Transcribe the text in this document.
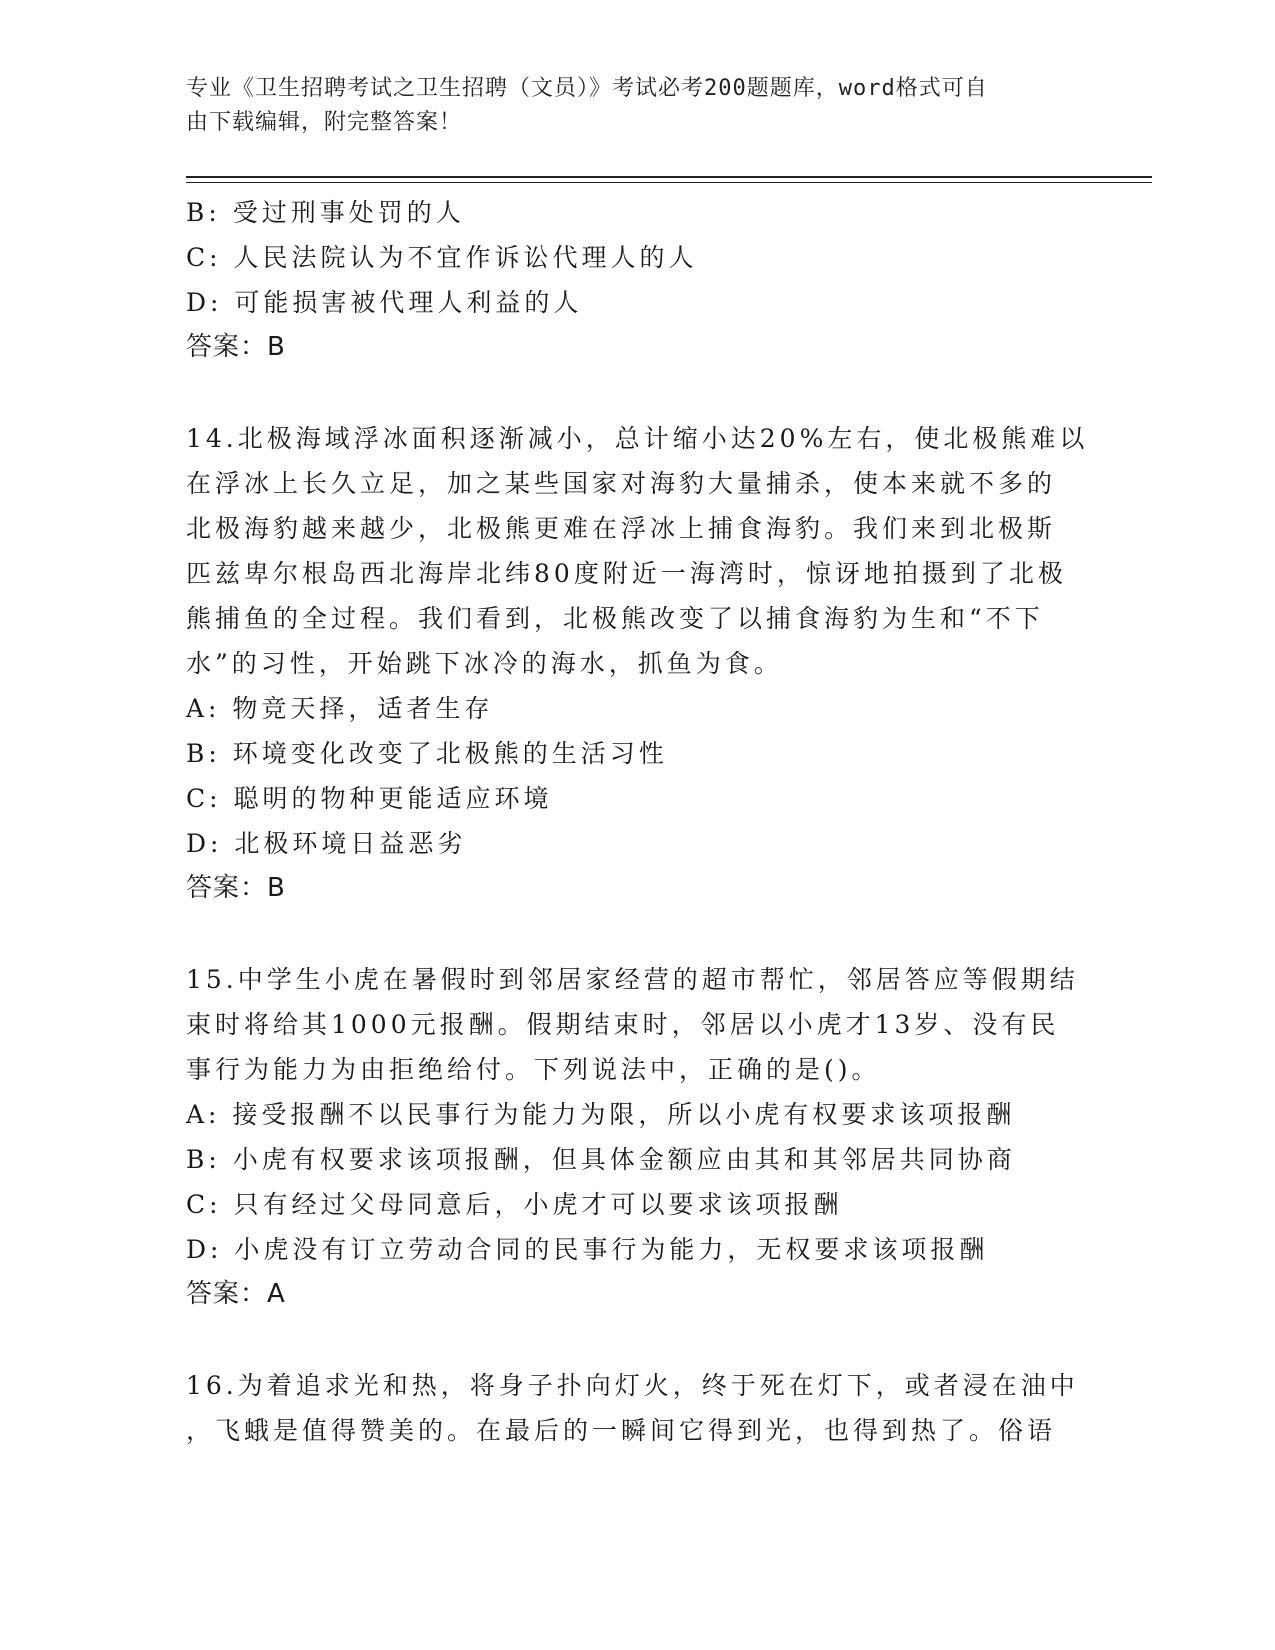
专业《卫生招聘考试之卫生招聘（文员）》考试必考200题题库，word格式可自
由下载编辑，附完整答案！
B: 受过刑事处罚的人
C: 人民法院认为不宜作诉讼代理人的人
D: 可能损害被代理人利益的人
答案：B
14.北极海域浮冰面积逐渐减小，总计缩小达20%左右，使北极熊难以
在浮冰上长久立足，加之某些国家对海豹大量捕杀，使本来就不多的
北极海豹越来越少，北极熊更难在浮冰上捕食海豹。我们来到北极斯
匹兹卑尔根岛西北海岸北纬80度附近一海湾时，惊讶地拍摄到了北极
熊捕鱼的全过程。我们看到，北极熊改变了以捕食海豹为生和“不下
水”的习性，开始跳下冰冷的海水，抓鱼为食。
A: 物竞天择，适者生存
B: 环境变化改变了北极熊的生活习性
C: 聪明的物种更能适应环境
D: 北极环境日益恶劣
答案：B
15.中学生小虎在暑假时到邻居家经营的超市帮忙，邻居答应等假期结
束时将给其1000元报酬。假期结束时，邻居以小虎才13岁、没有民
事行为能力为由拒绝给付。下列说法中，正确的是()。
A: 接受报酬不以民事行为能力为限，所以小虎有权要求该项报酬
B: 小虎有权要求该项报酬，但具体金额应由其和其邻居共同协商
C: 只有经过父母同意后，小虎才可以要求该项报酬
D: 小虎没有订立劳动合同的民事行为能力，无权要求该项报酬
答案：A
16.为着追求光和热，将身子扑向灯火，终于死在灯下，或者浸在油中
，飞蛾是值得赞美的。在最后的一瞬间它得到光，也得到热了。俗语
